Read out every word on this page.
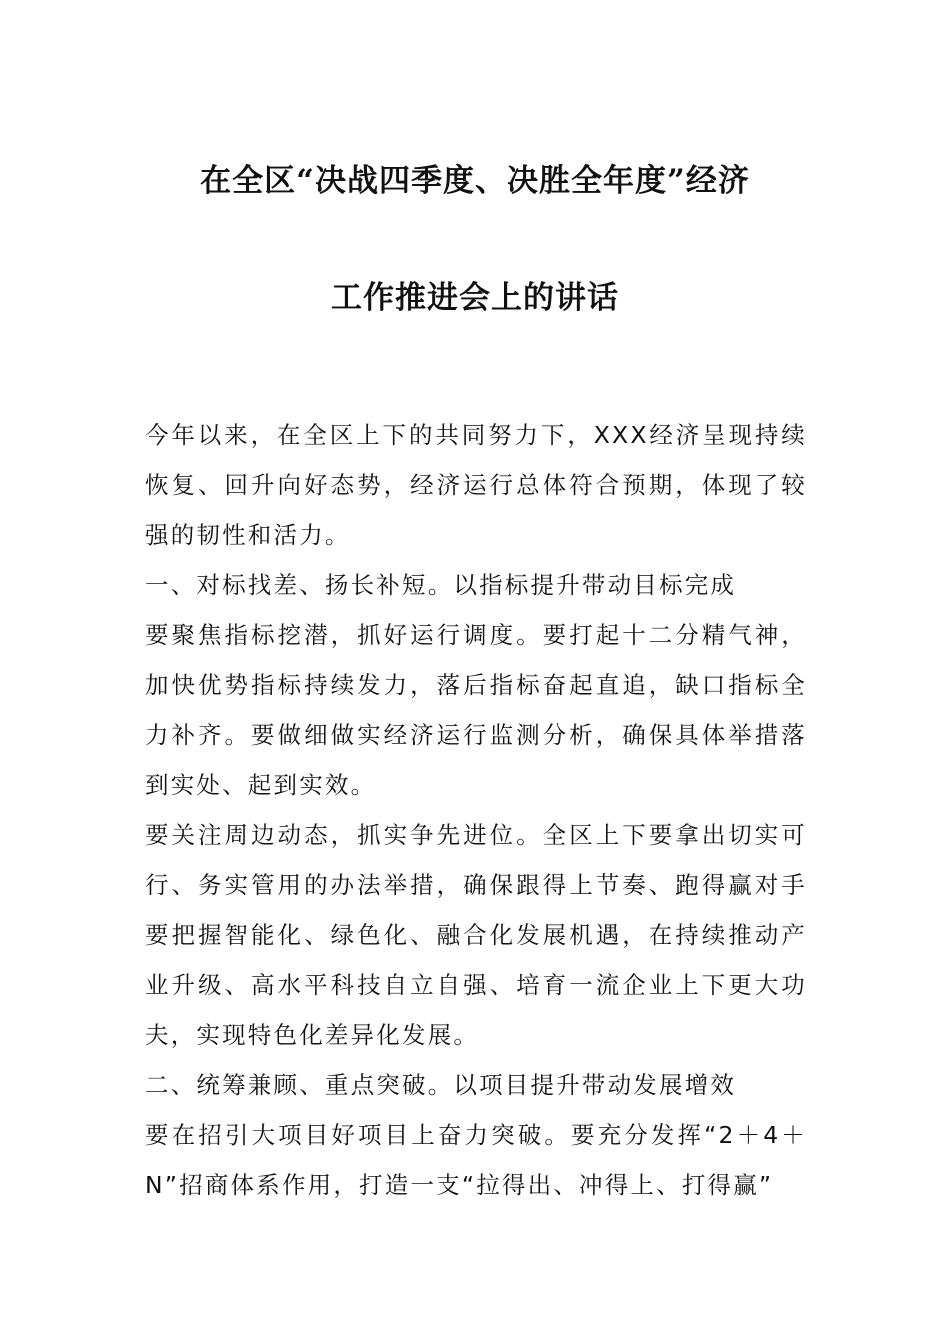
在全区“决战四季度、决胜全年度”经济
工作推进会上的讲话

今年以来，在全区上下的共同努力下，XXX经济呈现持续恢复、回升向好态势，经济运行总体符合预期，体现了较强的韧性和活力。

一、对标找差、扬长补短。以指标提升带动目标完成

要聚焦指标挖潜，抓好运行调度。要打起十二分精气神，加快优势指标持续发力，落后指标奋起直追，缺口指标全力补齐。要做细做实经济运行监测分析，确保具体举措落到实处、起到实效。

要关注周边动态，抓实争先进位。全区上下要拿出切实可行、务实管用的办法举措，确保跟得上节奏、跑得赢对手要把握智能化、绿色化、融合化发展机遇，在持续推动产业升级、高水平科技自立自强、培育一流企业上下更大功夫，实现特色化差异化发展。

二、统筹兼顾、重点突破。以项目提升带动发展增效

要在招引大项目好项目上奋力突破。要充分发挥“2＋4＋N”招商体系作用，打造一支“拉得出、冲得上、打得赢”
